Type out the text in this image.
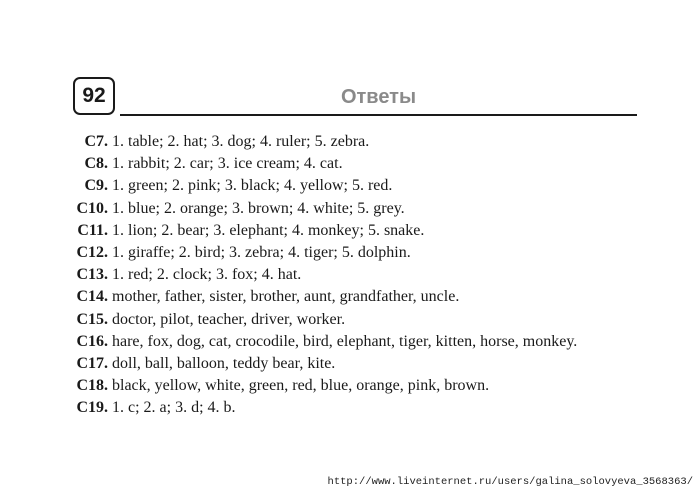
92	Ответы
C7. 1. table; 2. hat; 3. dog; 4. ruler; 5. zebra.
C8. 1. rabbit; 2. car; 3. ice cream; 4. cat.
C9. 1. green; 2. pink; 3. black; 4. yellow; 5. red.
C10. 1. blue; 2. orange; 3. brown; 4. white; 5. grey.
C11. 1. lion; 2. bear; 3. elephant; 4. monkey; 5. snake.
C12. 1. giraffe; 2. bird; 3. zebra; 4. tiger; 5. dolphin.
C13. 1. red; 2. clock; 3. fox; 4. hat.
C14. mother, father, sister, brother, aunt, grandfather, uncle.
C15. doctor, pilot, teacher, driver, worker.
C16. hare, fox, dog, cat, crocodile, bird, elephant, tiger, kitten, horse, monkey.
C17. doll, ball, balloon, teddy bear, kite.
C18. black, yellow, white, green, red, blue, orange, pink, brown.
C19. 1. c; 2. a; 3. d; 4. b.
http://www.liveinternet.ru/users/galina_solovyeva_3568363/
